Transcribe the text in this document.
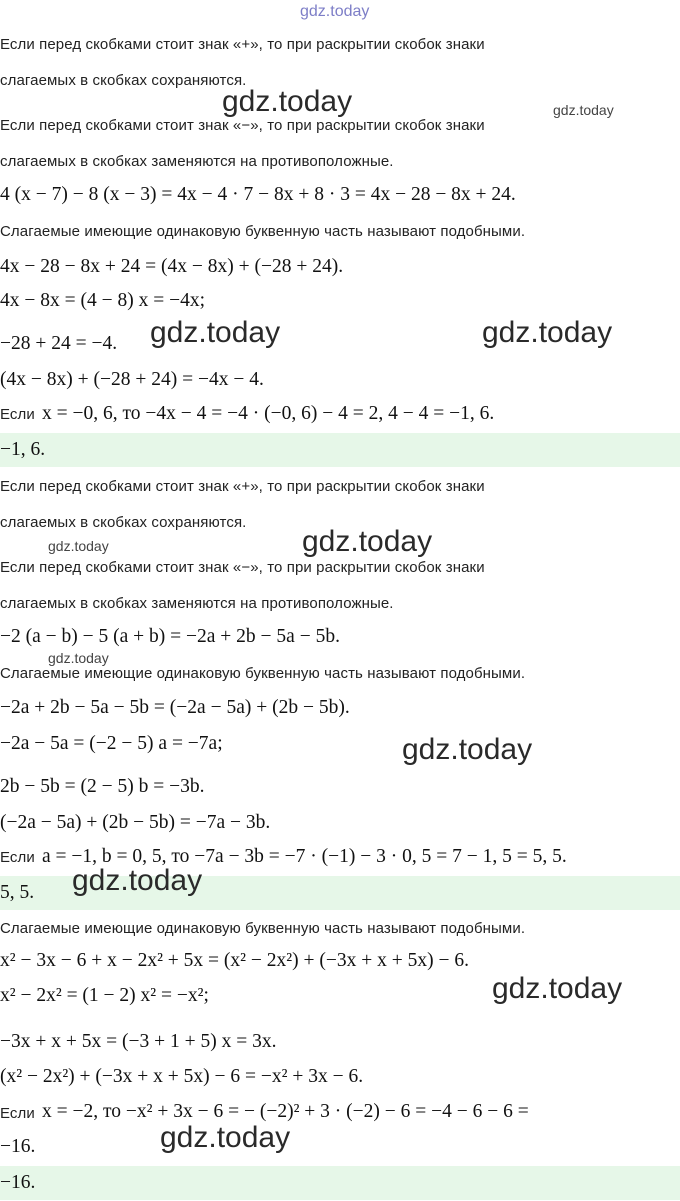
gdz.today
Если перед скобками стоит знак «+», то при раскрытии скобок знаки
слагаемых в скобках сохраняются.
gdz.today	gdz.today
Если перед скобками стоит знак «−», то при раскрытии скобок знаки
слагаемых в скобках заменяются на противоположные.
4 (x − 7) − 8 (x − 3) = 4x − 4 · 7 − 8x + 8 · 3 = 4x − 28 − 8x + 24.
Слагаемые имеющие одинаковую буквенную часть называют подобными.
4x − 28 − 8x + 24 = (4x − 8x) + (−28 + 24).
4x − 8x = (4 − 8) x = −4x;
−28 + 24 = −4. gdz.today	gdz.today
(4x − 8x) + (−28 + 24) = −4x − 4.
Если x = −0, 6, то −4x − 4 = −4 · (−0, 6) − 4 = 2, 4 − 4 = −1, 6.
−1, 6.
Если перед скобками стоит знак «+», то при раскрытии скобок знаки
слагаемых в скобках сохраняются.
gdz.today	gdz.today
Если перед скобками стоит знак «−», то при раскрытии скобок знаки
слагаемых в скобках заменяются на противоположные.
−2 (a − b) − 5 (a + b) = −2a + 2b − 5a − 5b.
gdz.today
Слагаемые имеющие одинаковую буквенную часть называют подобными.
−2a + 2b − 5a − 5b = (−2a − 5a) + (2b − 5b).
−2a − 5a = (−2 − 5) a = −7a;	gdz.today
2b − 5b = (2 − 5) b = −3b.
(−2a − 5a) + (2b − 5b) = −7a − 3b.
Если a = −1, b = 0, 5, то −7a − 3b = −7 · (−1) − 3 · 0, 5 = 7 − 1, 5 = 5, 5.
5, 5. gdz.today
Слагаемые имеющие одинаковую буквенную часть называют подобными.
x² − 3x − 6 + x − 2x² + 5x = (x² − 2x²) + (−3x + x + 5x) − 6.
x² − 2x² = (1 − 2) x² = −x²;	gdz.today
−3x + x + 5x = (−3 + 1 + 5) x = 3x.
(x² − 2x²) + (−3x + x + 5x) − 6 = −x² + 3x − 6.
Если x = −2, то −x² + 3x − 6 = − (−2)² + 3 · (−2) − 6 = −4 − 6 − 6 =
−16.	gdz.today
−16.
